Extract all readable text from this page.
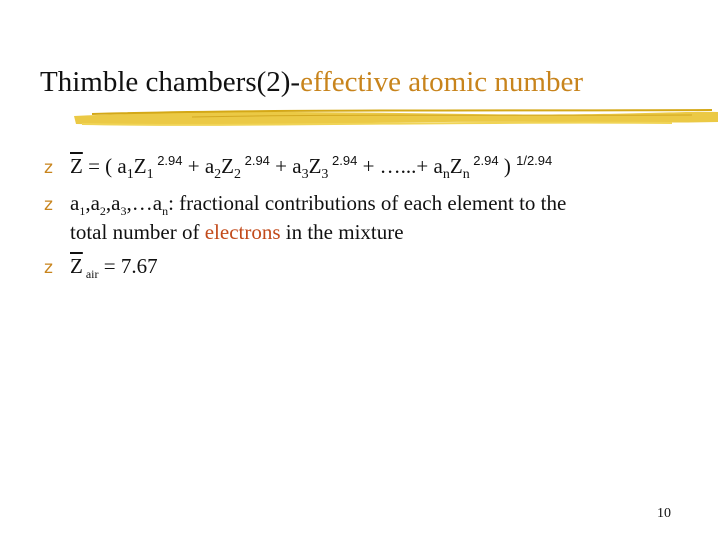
Thimble chambers(2)-effective atomic number
z $\overline{Z}$ = ( $a_1Z_1$ $^{2.94} + a_2Z_2$ $^{2.94} + a_3Z_3$ $^{2.94}$ + …...+ $a_nZ_n$ $^{2.94}$ ) $^{1/2.94}$
z $a_1,a_2,a_3,\dots a_n$: fractional contributions of each element to the
total number of electrons in the mixture
z $\overline{Z}$ $_{air}$ = 7.67
10
